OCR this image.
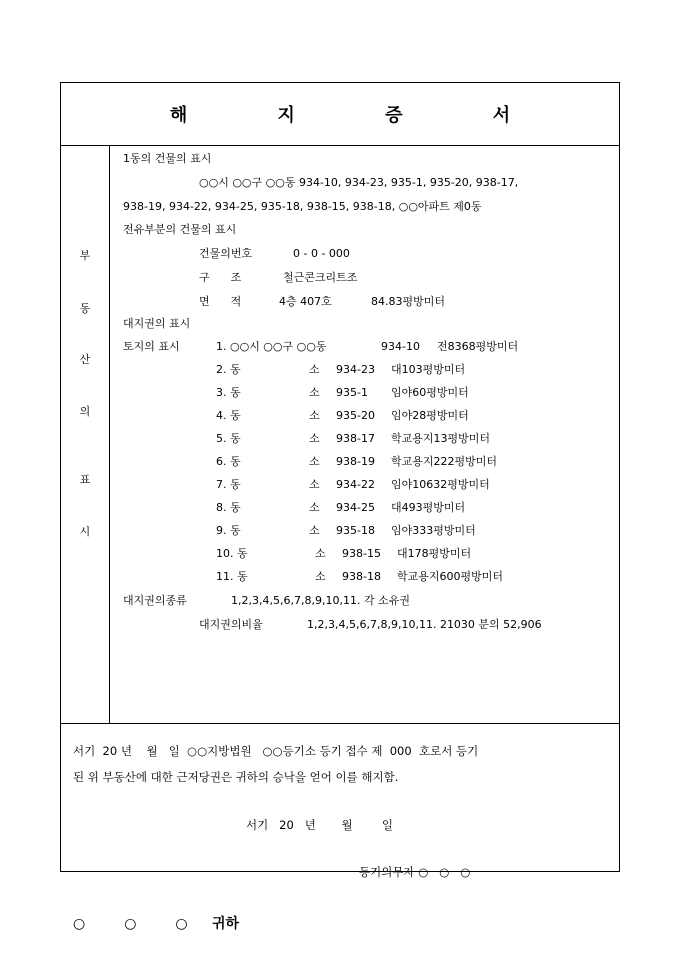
해 지 증 서
부
동
산
의
표
시
1동의 건물의 표시
○○시 ○○구 ○○동 934-10, 934-23, 935-1, 935-20, 938-17,
938-19, 934-22, 934-25, 935-18, 938-15, 938-18, ○○아파트 제0동
전유부분의 건물의 표시
건물의번호	0 - 0 - 000
구      조	철근콘크리트조
면      적	4층 407호	84.83평방미터
대지권의 표시
토지의 표시	1. ○○시 ○○구 ○○동	934-10 전8368평방미터
2. 동	소 934-23 대103평방미터
3. 동	소 935-1 임야60평방미터
4. 동	소 935-20 임야28평방미터
5. 동	소 938-17 학교용지13평방미터
6. 동	소 938-19 학교용지222평방미터
7. 동	소 934-22 임야10632평방미터
8. 동	소 934-25 대493평방미터
9. 동	소 935-18 임야333평방미터
10. 동	소 938-15 대178평방미터
11. 동	소 938-18 학교용지600평방미터
대지권의종류	1,2,3,4,5,6,7,8,9,10,11. 각 소유권
대지권의비율	1,2,3,4,5,6,7,8,9,10,11. 21030 분의 52,906
서기  20 년    월   일  ○○지방법원   ○○등기소 등기 접수 제  000  호로서 등기
된 위 부동산에 대한 근저당권은 귀하의 승낙을 얻어 이를 해지함.
서기   20   년       월        일
등기의무자 ○   ○   ○
○        ○        ○     귀하
